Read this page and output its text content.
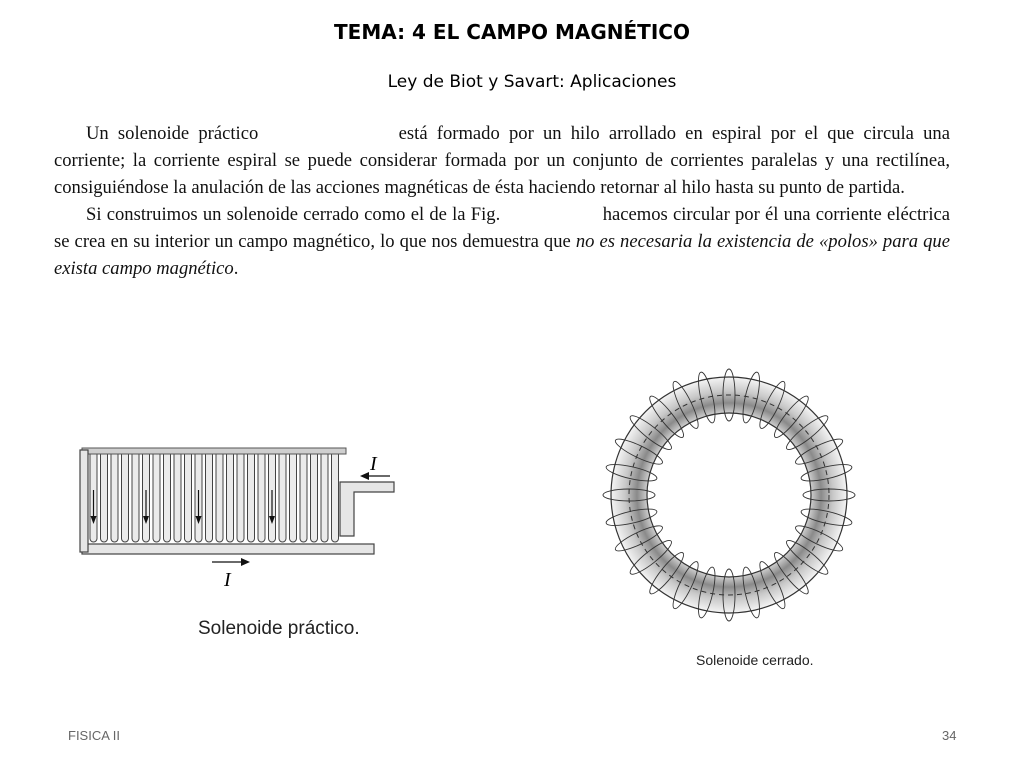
TEMA: 4 EL CAMPO MAGNÉTICO
Ley de Biot y Savart: Aplicaciones

Un solenoide práctico	está formado por un hilo arrollado en espiral por el que circula una corriente; la corriente espiral se puede considerar formada por un conjunto de corrientes paralelas y una rectilínea, consiguiéndose la anulación de las acciones magnéticas de ésta haciendo retornar al hilo hasta su punto de partida.

Si construimos un solenoide cerrado como el de la Fig.	hacemos circular por él una corriente eléctrica se crea en su interior un campo magnético, lo que nos demuestra que no es necesaria la existencia de «polos» para que exista campo magnético.

I
I
Solenoide práctico.
Solenoide cerrado.
FISICA II	34
